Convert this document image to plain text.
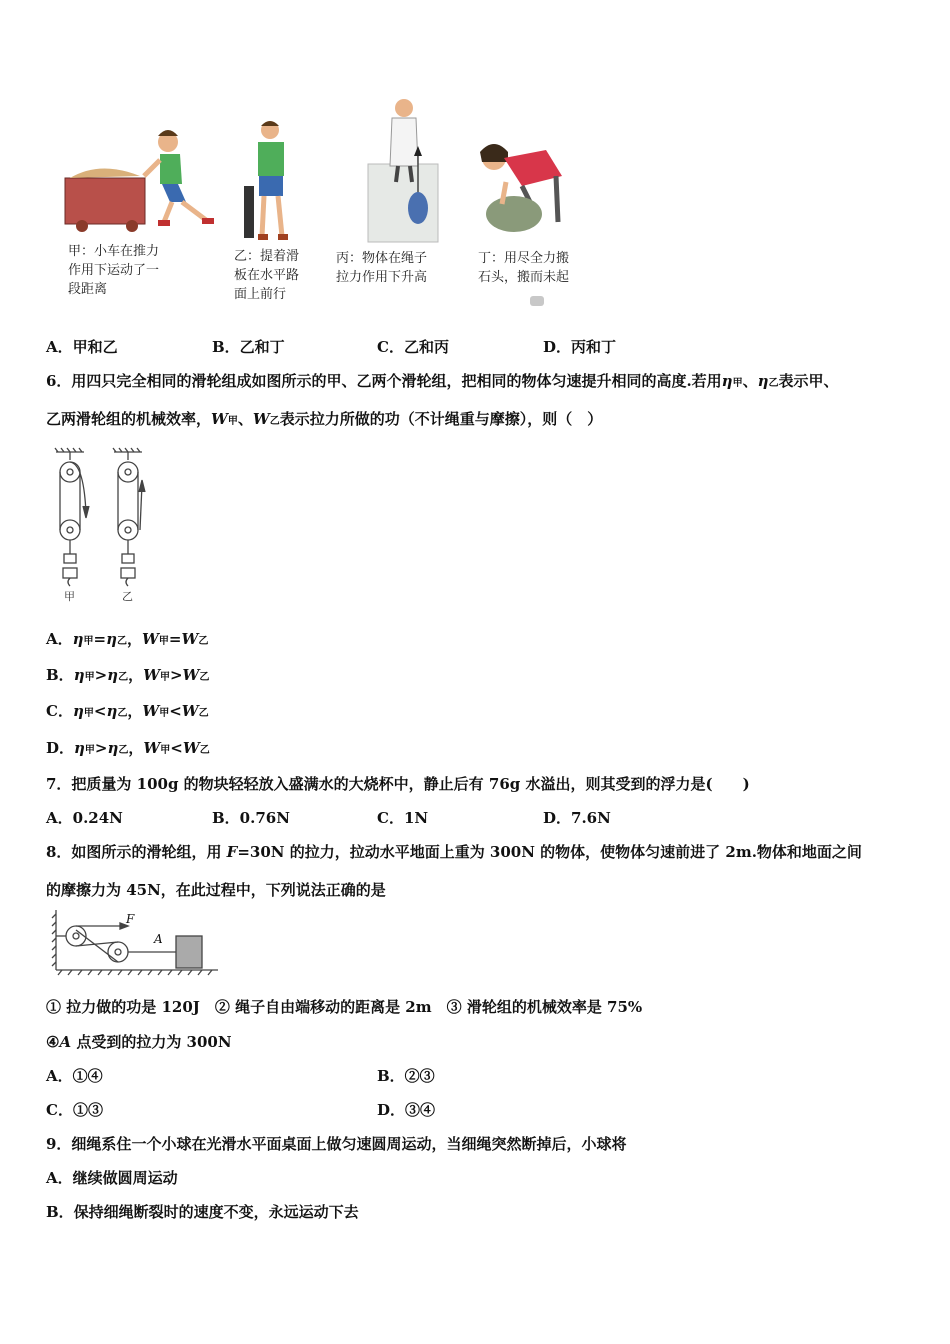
甲：小车在推力
作用下运动了一
段距离
乙：提着滑
板在水平路
面上前行
丙：物体在绳子
拉力作用下升高
丁：用尽全力搬
石头，搬而未起
A．甲和乙	B．乙和丁	C．乙和丙	D．丙和丁
6．用四只完全相同的滑轮组成如图所示的甲、乙两个滑轮组，把相同的物体匀速提升相同的高度.若用η甲、η乙表示甲、
乙两滑轮组的机械效率，W甲、W乙表示拉力所做的功（不计绳重与摩擦），则（　）
甲	乙
A．η甲=η乙，W甲=W乙
B．η甲>η乙，W甲>W乙
C．η甲<η乙，W甲<W乙
D．η甲>η乙，W甲<W乙
7．把质量为 100g 的物块轻轻放入盛满水的大烧杯中，静止后有 76g 水溢出，则其受到的浮力是(　　)
A．0.24N	B．0.76N	C．1N	D．7.6N
8．如图所示的滑轮组，用 F=30N 的拉力，拉动水平地面上重为 300N 的物体，使物体匀速前进了 2m.物体和地面之间
的摩擦力为 45N，在此过程中，下列说法正确的是
F
A
① 拉力做的功是 120J　② 绳子自由端移动的距离是 2m　③ 滑轮组的机械效率是 75%
④A 点受到的拉力为 300N
A．①④	B．②③
C．①③	D．③④
9．细绳系住一个小球在光滑水平面桌面上做匀速圆周运动，当细绳突然断掉后，小球将
A．继续做圆周运动
B．保持细绳断裂时的速度不变，永远运动下去
